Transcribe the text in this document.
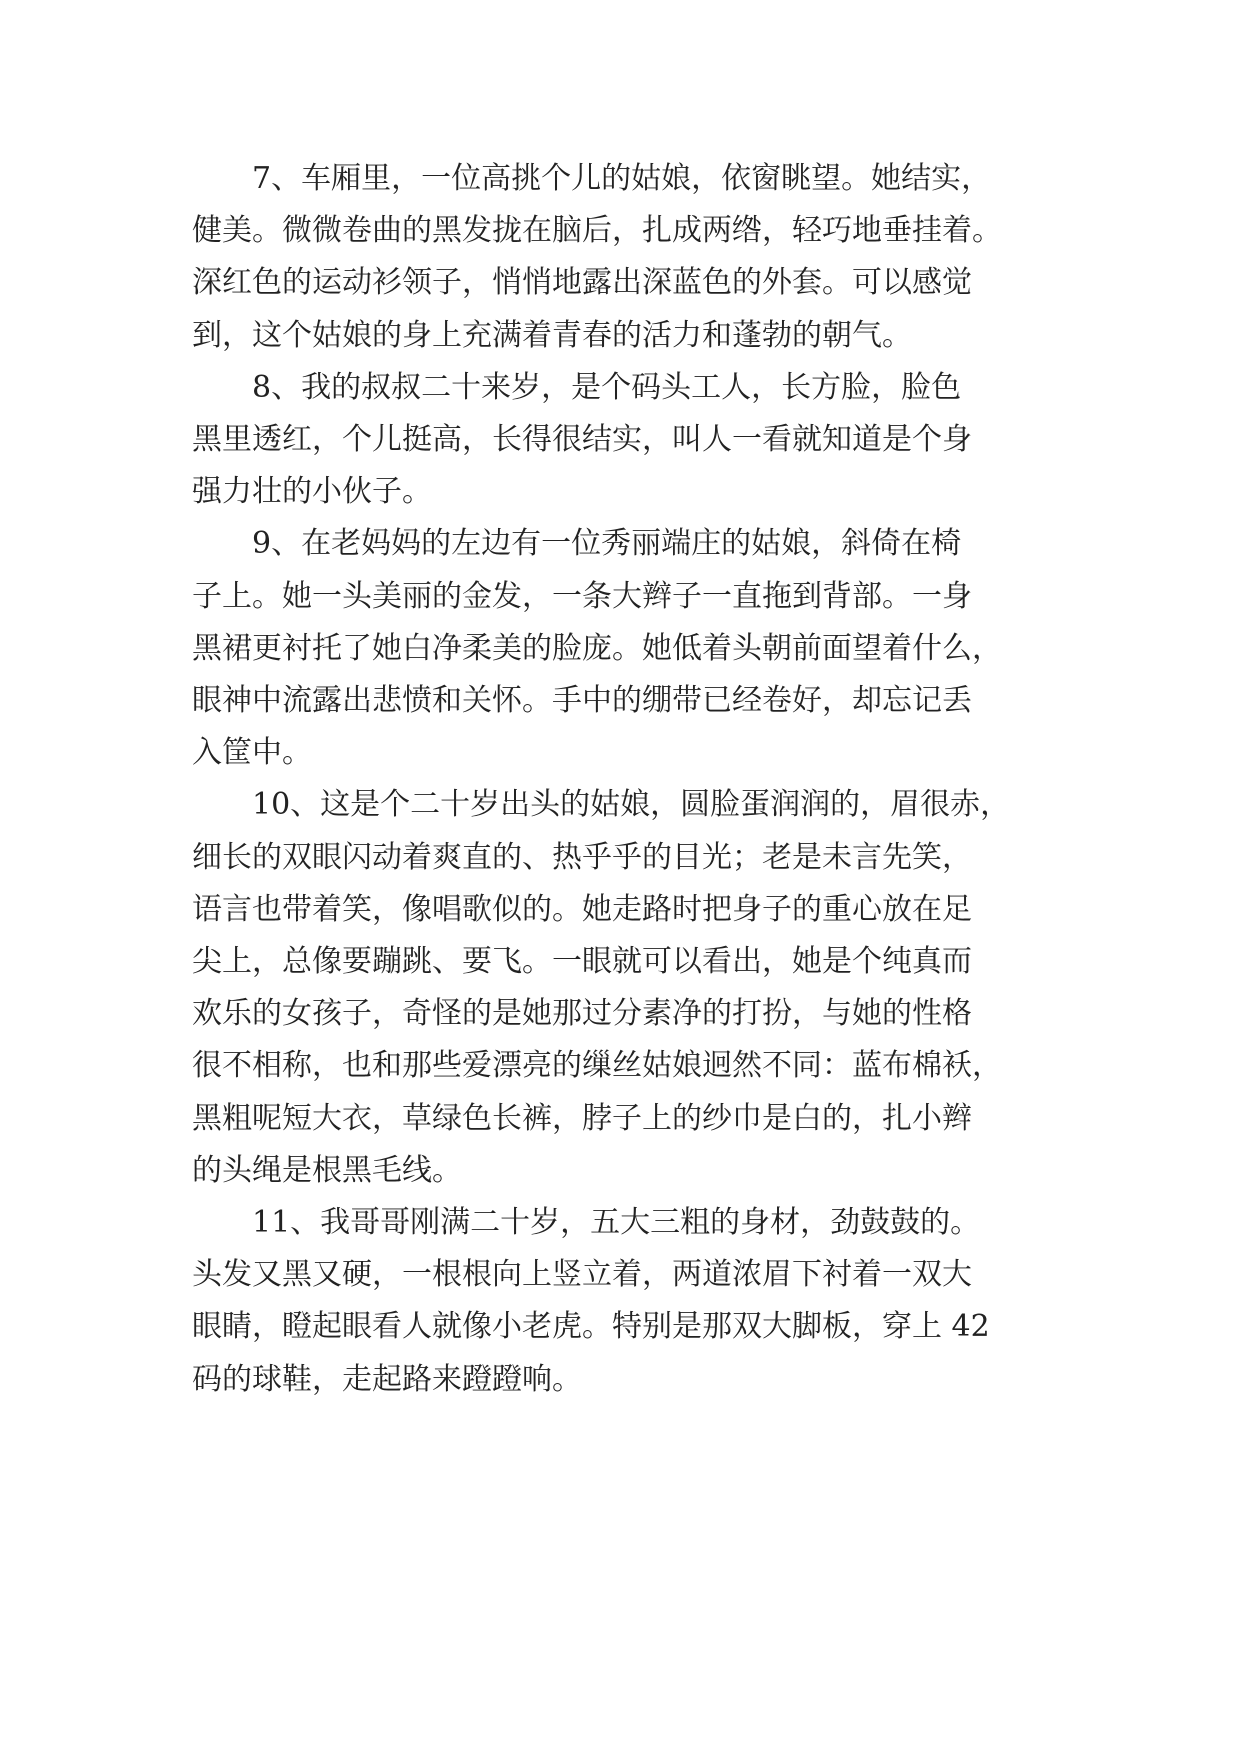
7、车厢里，一位高挑个儿的姑娘，依窗眺望。她结实，
健美。微微卷曲的黑发拢在脑后，扎成两绺，轻巧地垂挂着。
深红色的运动衫领子，悄悄地露出深蓝色的外套。可以感觉
到，这个姑娘的身上充满着青春的活力和蓬勃的朝气。
8、我的叔叔二十来岁，是个码头工人，长方脸，脸色
黑里透红，个儿挺高，长得很结实，叫人一看就知道是个身
强力壮的小伙子。
9、在老妈妈的左边有一位秀丽端庄的姑娘，斜倚在椅
子上。她一头美丽的金发，一条大辫子一直拖到背部。一身
黑裙更衬托了她白净柔美的脸庞。她低着头朝前面望着什么，
眼神中流露出悲愤和关怀。手中的绷带已经卷好，却忘记丢
入筐中。
10、这是个二十岁出头的姑娘，圆脸蛋润润的，眉很赤，
细长的双眼闪动着爽直的、热乎乎的目光；老是未言先笑，
语言也带着笑，像唱歌似的。她走路时把身子的重心放在足
尖上，总像要蹦跳、要飞。一眼就可以看出，她是个纯真而
欢乐的女孩子，奇怪的是她那过分素净的打扮，与她的性格
很不相称，也和那些爱漂亮的缫丝姑娘迥然不同：蓝布棉袄，
黑粗呢短大衣，草绿色长裤，脖子上的纱巾是白的，扎小辫
的头绳是根黑毛线。
11、我哥哥刚满二十岁，五大三粗的身材，劲鼓鼓的。
头发又黑又硬，一根根向上竖立着，两道浓眉下衬着一双大
眼睛，瞪起眼看人就像小老虎。特别是那双大脚板，穿上 42
码的球鞋，走起路来蹬蹬响。
